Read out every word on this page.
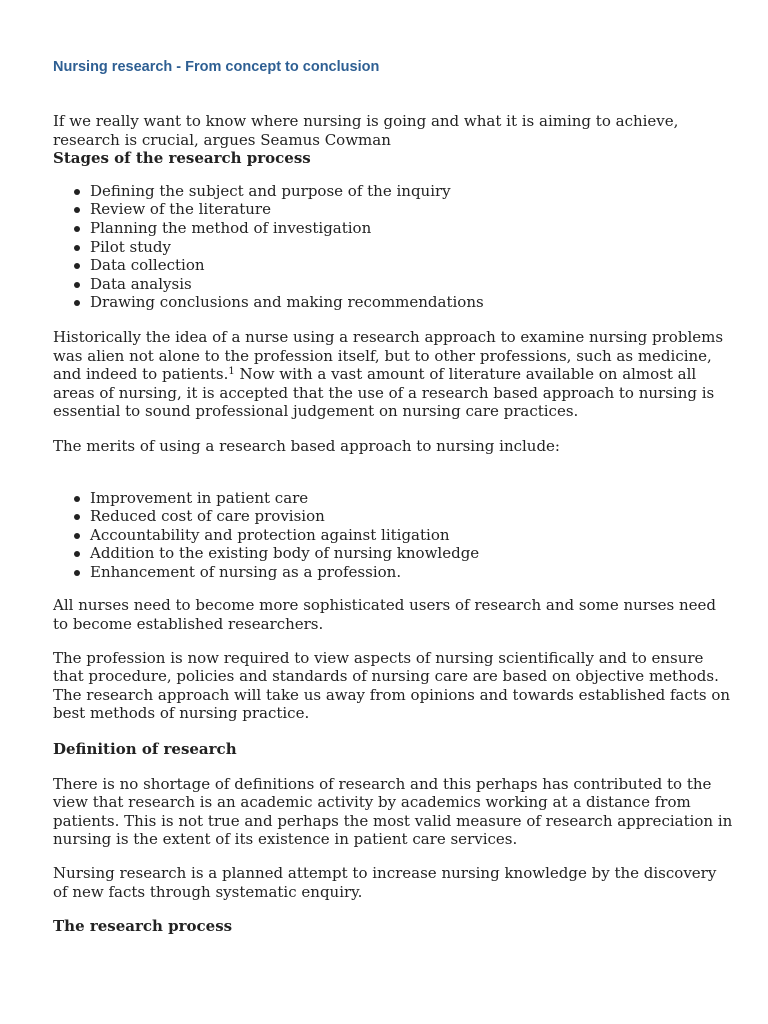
Nursing research - From concept to conclusion

If we really want to know where nursing is going and what it is aiming to achieve, research is crucial, argues Seamus Cowman

Stages of the research process
Defining the subject and purpose of the inquiry
Review of the literature
Planning the method of investigation
Pilot study
Data collection
Data analysis
Drawing conclusions and making recommendations

Historically the idea of a nurse using a research approach to examine nursing problems was alien not alone to the profession itself, but to other professions, such as medicine, and indeed to patients.$^1$ Now with a vast amount of literature available on almost all areas of nursing, it is accepted that the use of a research based approach to nursing is essential to sound professional judgement on nursing care practices.

The merits of using a research based approach to nursing include:

Improvement in patient care
Reduced cost of care provision
Accountability and protection against litigation
Addition to the existing body of nursing knowledge
Enhancement of nursing as a profession.

All nurses need to become more sophisticated users of research and some nurses need to become established researchers.

The profession is now required to view aspects of nursing scientifically and to ensure that procedure, policies and standards of nursing care are based on objective methods. The research approach will take us away from opinions and towards established facts on best methods of nursing practice.

Definition of research

There is no shortage of definitions of research and this perhaps has contributed to the view that research is an academic activity by academics working at a distance from patients. This is not true and perhaps the most valid measure of research appreciation in nursing is the extent of its existence in patient care services.

Nursing research is a planned attempt to increase nursing knowledge by the discovery of new facts through systematic enquiry.

The research process
